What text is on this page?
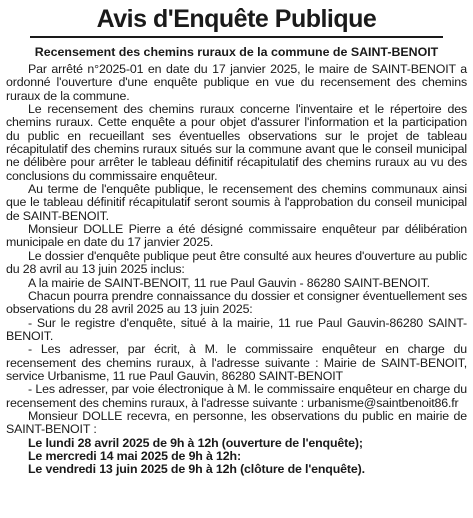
Avis d'Enquête Publique
Recensement des chemins ruraux de la commune de SAINT-BENOIT

Par arrêté n°2025-01 en date du 17 janvier 2025, le maire de SAINT-BENOIT a ordonné l'ouverture d'une enquête publique en vue du recensement des chemins ruraux de la commune.

Le recensement des chemins ruraux concerne l'inventaire et le répertoire des chemins ruraux. Cette enquête a pour objet d'assurer l'information et la participation du public en recueillant ses éventuelles observations sur le projet de tableau récapitulatif des chemins ruraux situés sur la commune avant que le conseil municipal ne délibère pour arrêter le tableau définitif récapitulatif des chemins ruraux au vu des conclusions du commissaire enquêteur.

Au terme de l'enquête publique, le recensement des chemins communaux ainsi que le tableau définitif récapitulatif seront soumis à l'approbation du conseil municipal de SAINT-BENOIT.

Monsieur DOLLE Pierre a été désigné commissaire enquêteur par délibération municipale en date du 17 janvier 2025.

Le dossier d'enquête publique peut être consulté aux heures d'ouverture au public du 28 avril au 13 juin 2025 inclus:

A la mairie de SAINT-BENOIT, 11 rue Paul Gauvin - 86280 SAINT-BENOIT.

Chacun pourra prendre connaissance du dossier et consigner éventuellement ses observations du 28 avril 2025 au 13 juin 2025:

- Sur le registre d'enquête, situé à la mairie, 11 rue Paul Gauvin-86280 SAINT-BENOIT.

- Les adresser, par écrit, à M. le commissaire enquêteur en charge du recensement des chemins ruraux, à l'adresse suivante : Mairie de SAINT-BENOIT, service Urbanisme, 11 rue Paul Gauvin, 86280 SAINT-BENOIT

- Les adresser, par voie électronique à M. le commissaire enquêteur en charge du recensement des chemins ruraux, à l'adresse suivante : urbanisme@saintbenoit86.fr

Monsieur DOLLE recevra, en personne, les observations du public en mairie de SAINT-BENOIT :

Le lundi 28 avril 2025 de 9h à 12h (ouverture de l'enquête);

Le mercredi 14 mai 2025 de 9h à 12h:

Le vendredi 13 juin 2025 de 9h à 12h (clôture de l'enquête).
